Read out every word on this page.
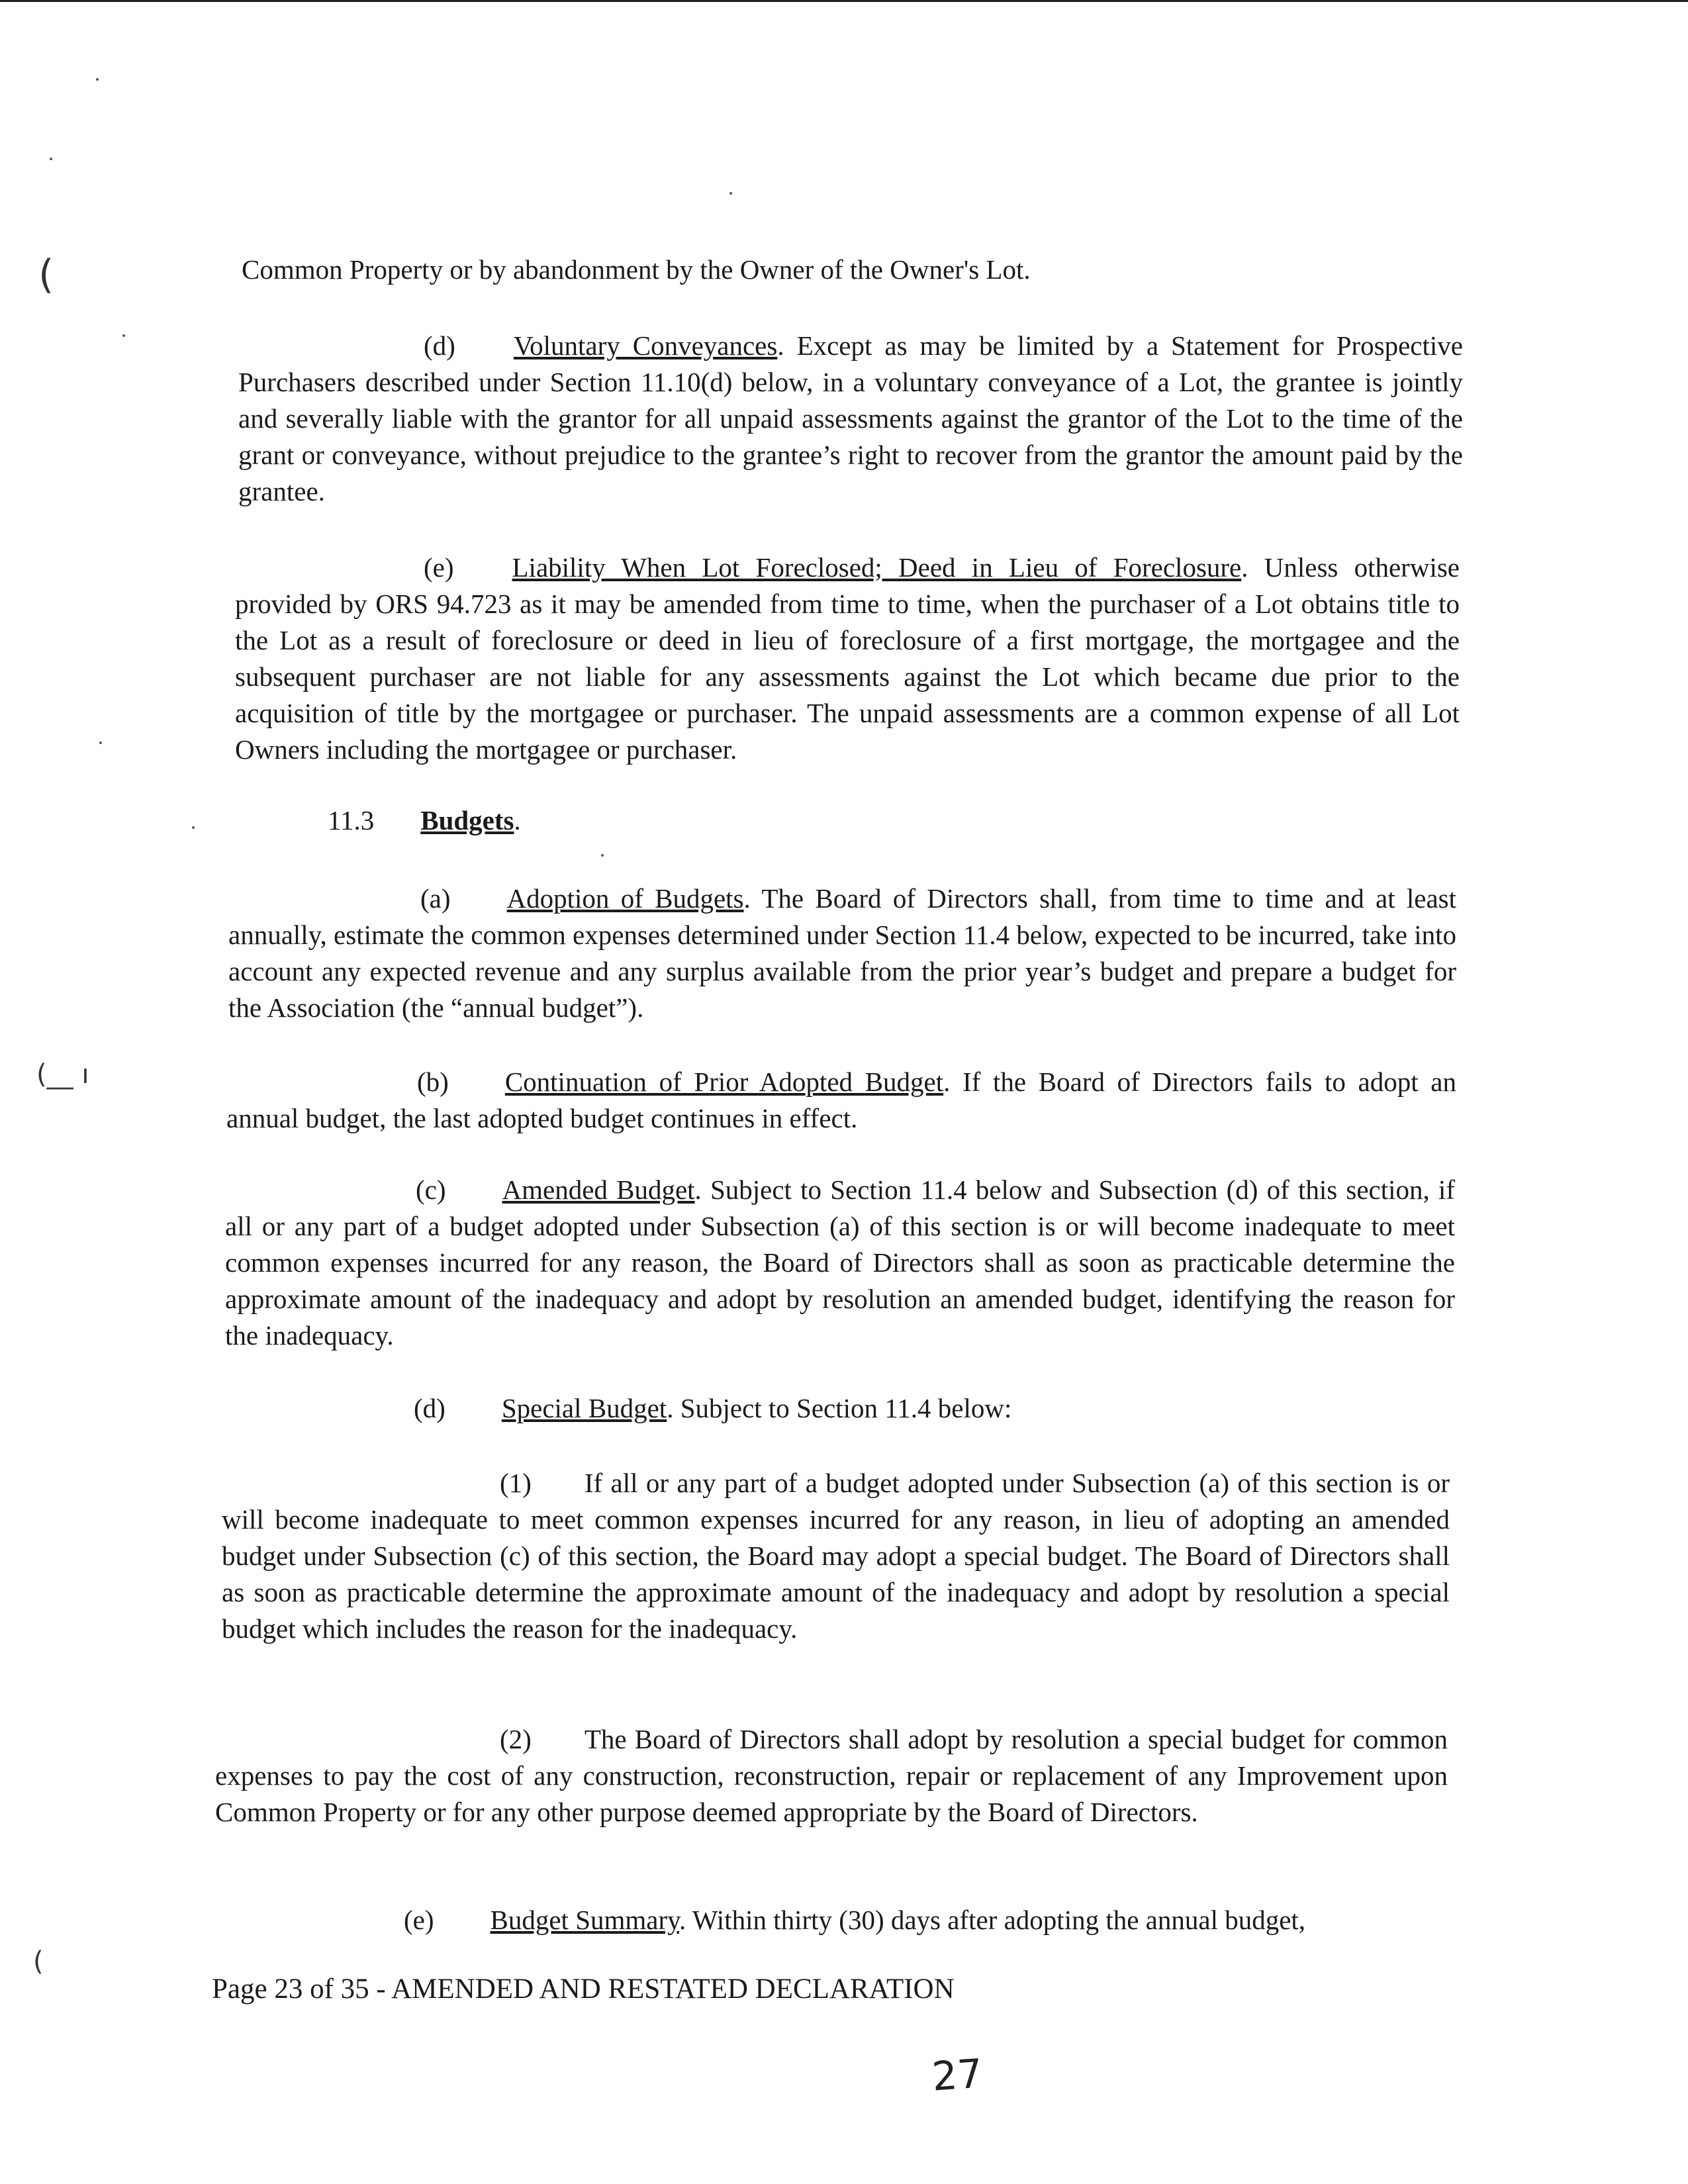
(
(__ ı
(

Common Property or by abandonment by the Owner of the Owner's Lot.

(d) Voluntary Conveyances. Except as may be limited by a Statement for Prospective Purchasers described under Section 11.10(d) below, in a voluntary conveyance of a Lot, the grantee is jointly and severally liable with the grantor for all unpaid assessments against the grantor of the Lot to the time of the grant or conveyance, without prejudice to the grantee’s right to recover from the grantor the amount paid by the grantee.

(e) Liability When Lot Foreclosed; Deed in Lieu of Foreclosure. Unless otherwise provided by ORS 94.723 as it may be amended from time to time, when the purchaser of a Lot obtains title to the Lot as a result of foreclosure or deed in lieu of foreclosure of a first mortgage, the mortgagee and the subsequent purchaser are not liable for any assessments against the Lot which became due prior to the acquisition of title by the mortgagee or purchaser. The unpaid assessments are a common expense of all Lot Owners including the mortgagee or purchaser.

11.3 Budgets.

(a) Adoption of Budgets. The Board of Directors shall, from time to time and at least annually, estimate the common expenses determined under Section 11.4 below, expected to be incurred, take into account any expected revenue and any surplus available from the prior year’s budget and prepare a budget for the Association (the “annual budget”).

(b) Continuation of Prior Adopted Budget. If the Board of Directors fails to adopt an annual budget, the last adopted budget continues in effect.

(c) Amended Budget. Subject to Section 11.4 below and Subsection (d) of this section, if all or any part of a budget adopted under Subsection (a) of this section is or will become inadequate to meet common expenses incurred for any reason, the Board of Directors shall as soon as practicable determine the approximate amount of the inadequacy and adopt by resolution an amended budget, identifying the reason for the inadequacy.

(d) Special Budget. Subject to Section 11.4 below:

(1) If all or any part of a budget adopted under Subsection (a) of this section is or will become inadequate to meet common expenses incurred for any reason, in lieu of adopting an amended budget under Subsection (c) of this section, the Board may adopt a special budget. The Board of Directors shall as soon as practicable determine the approximate amount of the inadequacy and adopt by resolution a special budget which includes the reason for the inadequacy.

(2) The Board of Directors shall adopt by resolution a special budget for common expenses to pay the cost of any construction, reconstruction, repair or replacement of any Improvement upon Common Property or for any other purpose deemed appropriate by the Board of Directors.

(e) Budget Summary. Within thirty (30) days after adopting the annual budget,

Page 23 of 35 - AMENDED AND RESTATED DECLARATION
27
